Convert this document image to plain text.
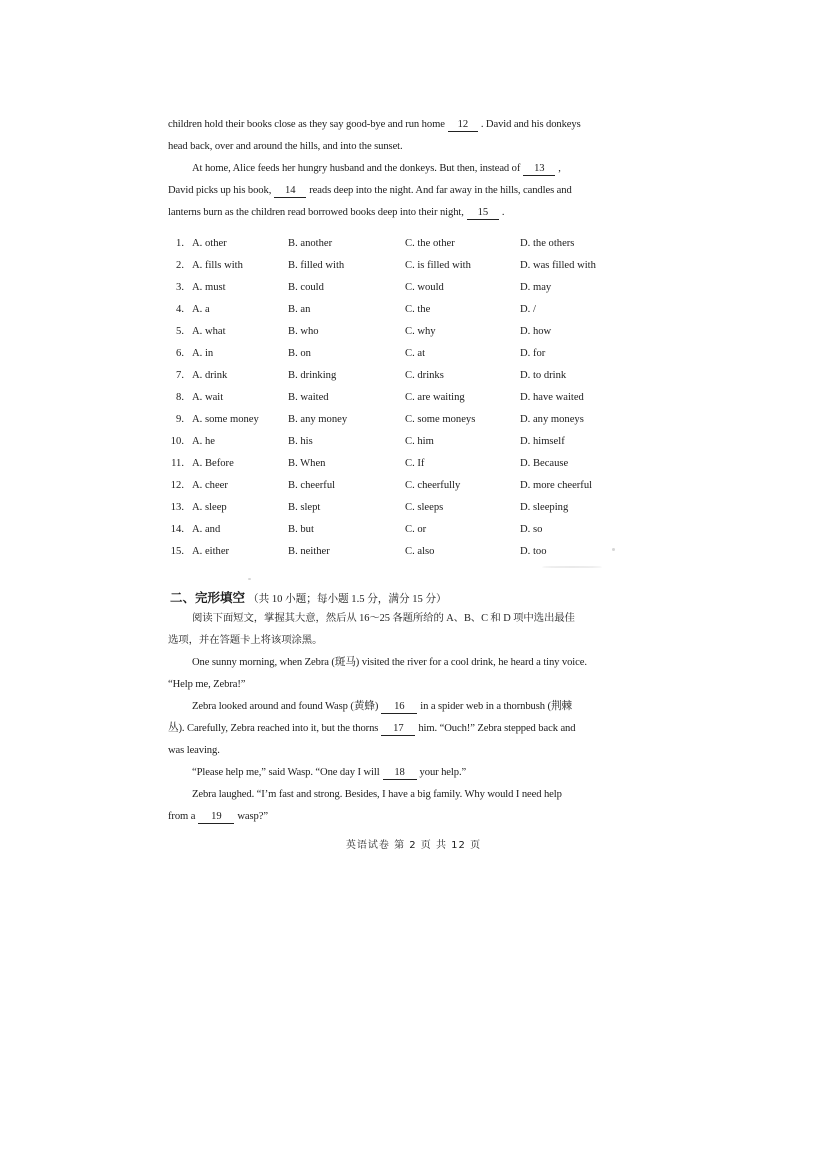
children hold their books close as they say good-bye and run home 12 . David and his donkeys
head back, over and around the hills, and into the sunset.
At home, Alice feeds her hungry husband and the donkeys. But then, instead of 13 ,
David picks up his book, 14 reads deep into the night. And far away in the hills, candles and
lanterns burn as the children read borrowed books deep into their night, 15 .
1. A. other	B. another	C. the other	D. the others
2. A. fills with	B. filled with	C. is filled with	D. was filled with
3. A. must	B. could	C. would	D. may
4. A. a	B. an	C. the	D. /
5. A. what	B. who	C. why	D. how
6. A. in	B. on	C. at	D. for
7. A. drink	B. drinking	C. drinks	D. to drink
8. A. wait	B. waited	C. are waiting	D. have waited
9. A. some money	B. any money	C. some moneys	D. any moneys
10. A. he	B. his	C. him	D. himself
11. A. Before	B. When	C. If	D. Because
12. A. cheer	B. cheerful	C. cheerfully	D. more cheerful
13. A. sleep	B. slept	C. sleeps	D. sleeping
14. A. and	B. but	C. or	D. so
15. A. either	B. neither	C. also	D. too
二、完形填空 （共 10 小题；每小题 1.5 分，满分 15 分）
阅读下面短文，掌握其大意，然后从 16～25 各题所给的 A、B、C 和 D 项中选出最佳
选项，并在答题卡上将该项涂黑。
One sunny morning, when Zebra (斑马) visited the river for a cool drink, he heard a tiny voice.
“Help me, Zebra!”
Zebra looked around and found Wasp (黄蜂) 16 in a spider web in a thornbush (荆棘
丛). Carefully, Zebra reached into it, but the thorns 17 him. “Ouch!” Zebra stepped back and
was leaving.
“Please help me,” said Wasp. “One day I will 18 your help.”
Zebra laughed. “I’m fast and strong. Besides, I have a big family. Why would I need help
from a 19 wasp?”
英语试卷 第 2 页 共 12 页
